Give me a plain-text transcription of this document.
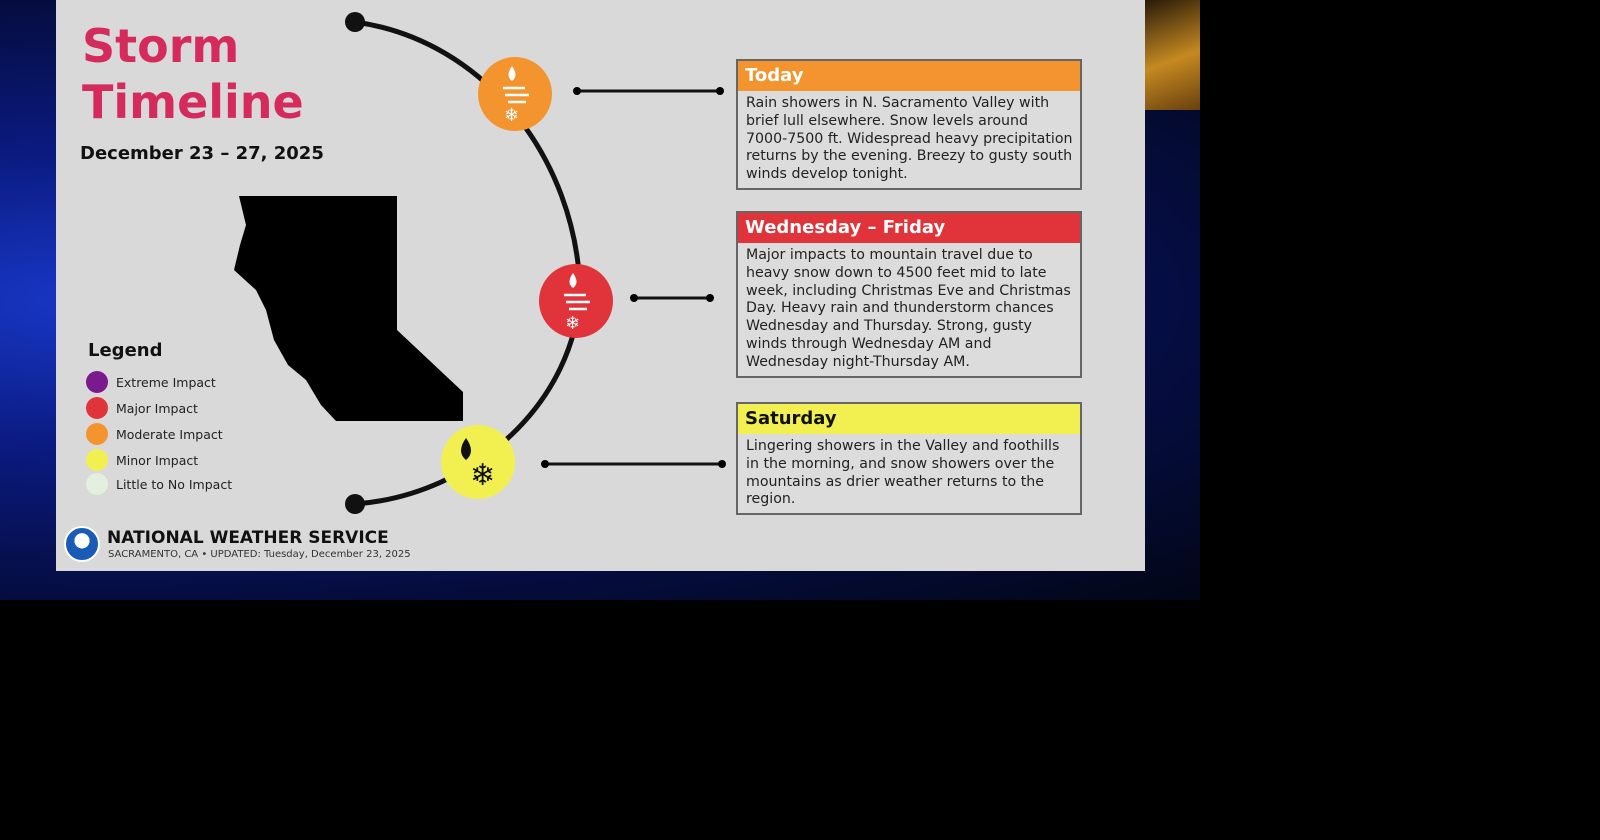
❄
❄
❄
Storm
Timeline
December 23 – 27, 2025
Legend
Extreme Impact
Major Impact
Moderate Impact
Minor Impact
Little to No Impact
Today
Rain showers in N. Sacramento Valley with brief lull elsewhere. Snow levels around 7000-7500 ft. Widespread heavy precipitation returns by the evening. Breezy to gusty south winds develop tonight.
Wednesday – Friday
Major impacts to mountain travel due to heavy snow down to 4500 feet mid to late week, including Christmas Eve and Christmas Day. Heavy rain and thunderstorm chances Wednesday and Thursday. Strong, gusty winds through Wednesday AM and Wednesday night-Thursday AM.
Saturday
Lingering showers in the Valley and foothills in the morning, and snow showers over the mountains as drier weather returns to the region.
NATIONAL WEATHER SERVICE
SACRAMENTO, CA • UPDATED: Tuesday, December 23, 2025
